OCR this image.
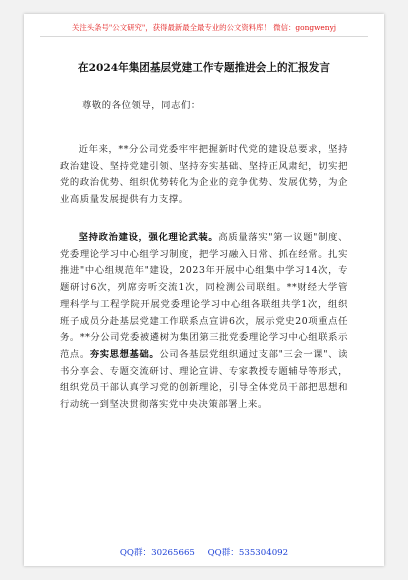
关注头条号"公文研究"，获得最新最全最专业的公文资料库！ 微信：gongwenyj
在2024年集团基层党建工作专题推进会上的汇报发言
尊敬的各位领导，同志们：
近年来，**分公司党委牢牢把握新时代党的建设总要求，坚持政治建设、坚持党建引领、坚持夯实基础、坚持正风肃纪，切实把党的政治优势、组织优势转化为企业的竞争优势、发展优势，为企业高质量发展提供有力支撑。
坚持政治建设，强化理论武装。高质量落实"第一议题"制度、党委理论学习中心组学习制度，把学习融入日常、抓在经常。扎实推进"中心组规范年"建设，2023年开展中心组集中学习14次，专题研讨6次，列席旁听交流1次，同检测公司联组。**财经大学管理科学与工程学院开展党委理论学习中心组各联组共学1次，组织班子成员分赴基层党建工作联系点宣讲6次，展示党史20项重点任务。**分公司党委被遴树为集团第三批党委理论学习中心组联系示范点。夯实思想基础。公司各基层党组织通过支部"三会一课"、读书分享会、专题交流研讨、理论宣讲、专家教授专题辅导等形式，组织党员干部认真学习党的创新理论，引导全体党员干部把思想和行动统一到坚决贯彻落实党中央决策部署上来。
QQ群：30265665 QQ群：535304092
